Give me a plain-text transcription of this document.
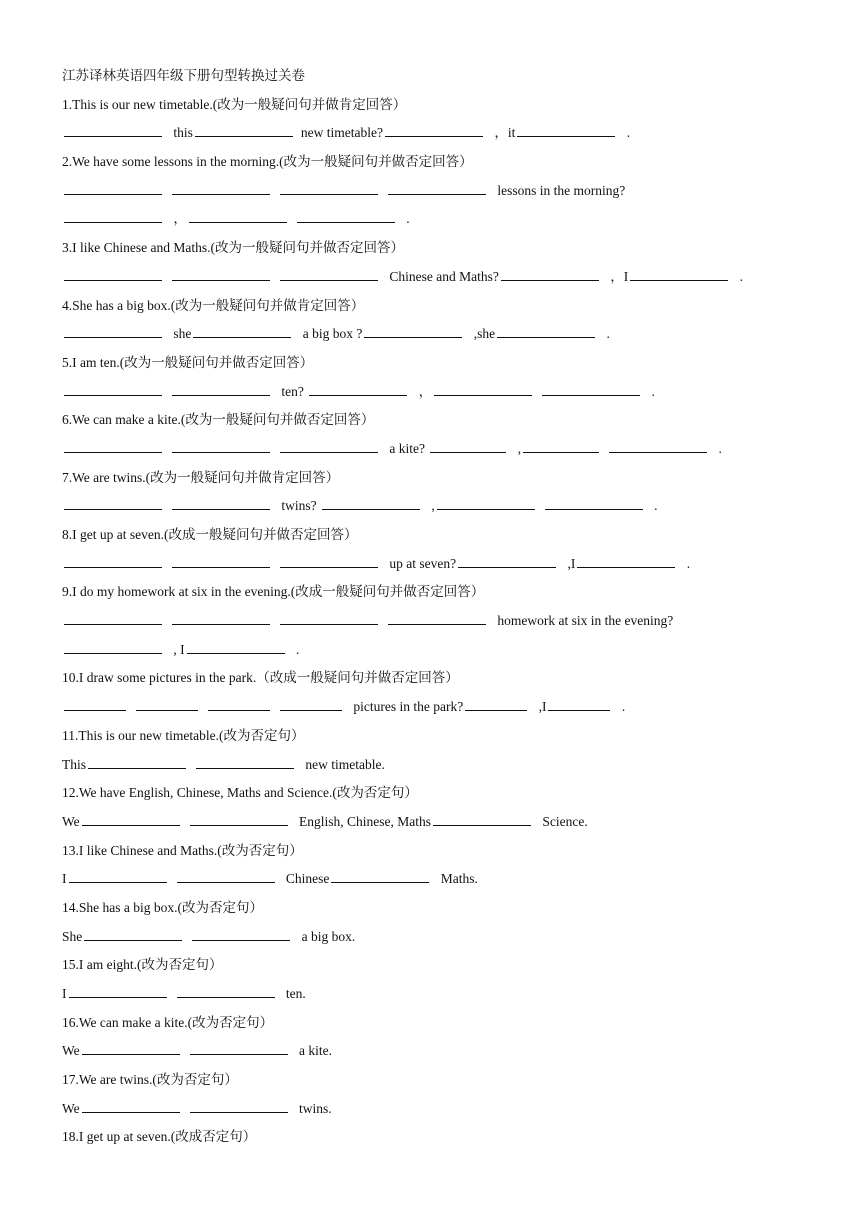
江苏译林英语四年级下册句型转换过关卷
1.This is our new timetable.(改为一般疑问句并做肯定回答）
this	new timetable?	，it	.
2.We have some lessons in the morning.(改为一般疑问句并做否定回答）
lessons in the morning?
，	.
3.I like Chinese and Maths.(改为一般疑问句并做否定回答）
Chinese and Maths?	，I	.
4.She has a big box.(改为一般疑问句并做肯定回答）
she	a big box ?	,she	.
5.I am ten.(改为一般疑问句并做否定回答）
ten?	，	.
6.We can make a kite.(改为一般疑问句并做否定回答）
a kite?	,	.
7.We are twins.(改为一般疑问句并做肯定回答）
twins?	,	.
8.I get up at seven.(改成一般疑问句并做否定回答）
up at seven?	,I	.
9.I do my homework at six in the evening.(改成一般疑问句并做否定回答）
homework at six in the evening?
, I	.
10.I draw some pictures in the park.（改成一般疑问句并做否定回答）
pictures in the park?	,I	.
11.This is our new timetable.(改为否定句）
This	new timetable.
12.We have English, Chinese, Maths and Science.(改为否定句）
We	English, Chinese, Maths	Science.
13.I like Chinese and Maths.(改为否定句）
I	Chinese	Maths.
14.She has a big box.(改为否定句）
She	a big box.
15.I am eight.(改为否定句）
I	ten.
16.We can make a kite.(改为否定句）
We	a kite.
17.We are twins.(改为否定句）
We	twins.
18.I get up at seven.(改成否定句）
